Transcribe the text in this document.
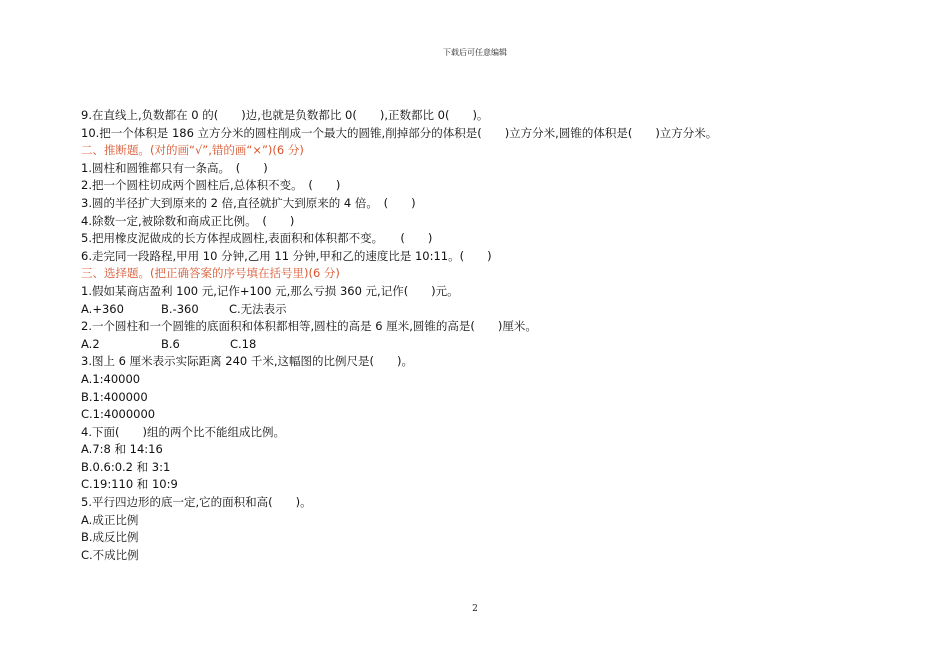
下载后可任意编辑
9.在直线上,负数都在 0 的(　　)边,也就是负数都比 0(　　),正数都比 0(　　)。
10.把一个体积是 186 立方分米的圆柱削成一个最大的圆锥,削掉部分的体积是(　　)立方分米,圆锥的体积是(　　)立方分米。
二、推断题。(对的画“√”,错的画“×”)(6 分)
1.圆柱和圆锥都只有一条高。　(　　)
2.把一个圆柱切成两个圆柱后,总体积不变。　(　　)
3.圆的半径扩大到原来的 2 倍,直径就扩大到原来的 4 倍。　(　　)
4.除数一定,被除数和商成正比例。　(　　)
5.把用橡皮泥做成的长方体捏成圆柱,表面积和体积都不变。　　(　　)
6.走完同一段路程,甲用 10 分钟,乙用 11 分钟,甲和乙的速度比是 10:11。(　　)
三、选择题。(把正确答案的序号填在括号里)(6 分)
1.假如某商店盈利 100 元,记作+100 元,那么亏损 360 元,记作(　　)元。
A.+360	B.-360	C.无法表示
2.一个圆柱和一个圆锥的底面积和体积都相等,圆柱的高是 6 厘米,圆锥的高是(　　)厘米。
A.2	B.6	C.18
3.图上 6 厘米表示实际距离 240 千米,这幅图的比例尺是(　　)。
A.1:40000
B.1:400000
C.1:4000000
4.下面(　　)组的两个比不能组成比例。
A.7:8 和 14:16
B.0.6:0.2 和 3:1
C.19:110 和 10:9
5.平行四边形的底一定,它的面积和高(　　)。
A.成正比例
B.成反比例
C.不成比例
2
